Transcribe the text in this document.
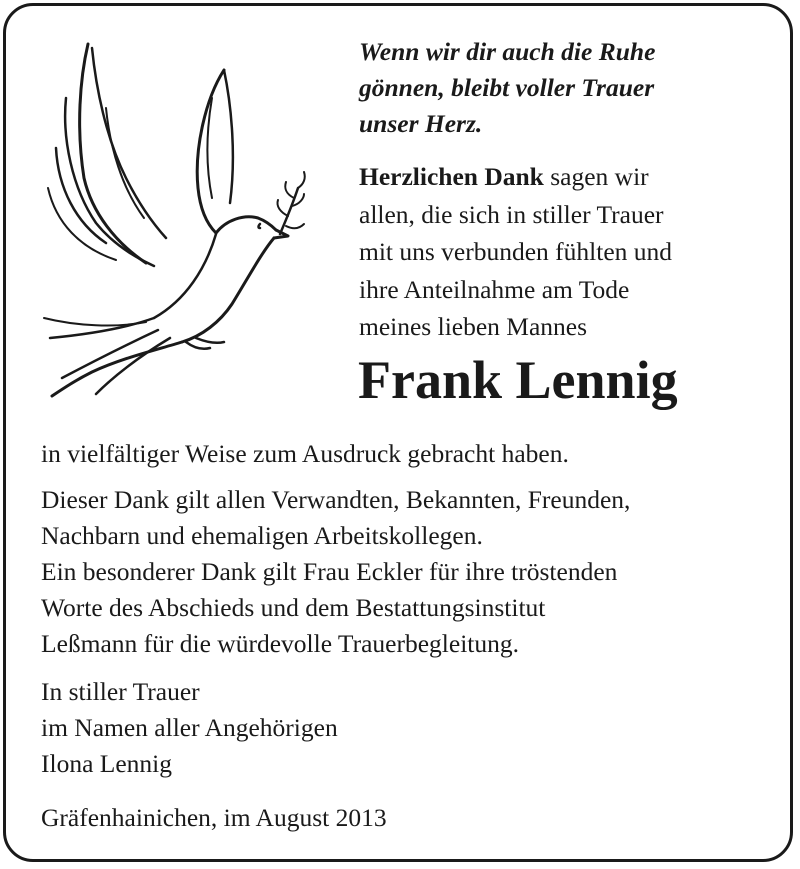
Wenn wir dir auch die Ruhe
gönnen, bleibt voller Trauer
unser Herz.
Herzlichen Dank sagen wir
allen, die sich in stiller Trauer
mit uns verbunden fühlten und
ihre Anteilnahme am Tode
meines lieben Mannes
Frank Lennig
in vielfältiger Weise zum Ausdruck gebracht haben.
Dieser Dank gilt allen Verwandten, Bekannten, Freunden,
Nachbarn und ehemaligen Arbeitskollegen.
Ein besonderer Dank gilt Frau Eckler für ihre tröstenden
Worte des Abschieds und dem Bestattungsinstitut
Leßmann für die würdevolle Trauerbegleitung.
In stiller Trauer
im Namen aller Angehörigen
Ilona Lennig
Gräfenhainichen, im August 2013
